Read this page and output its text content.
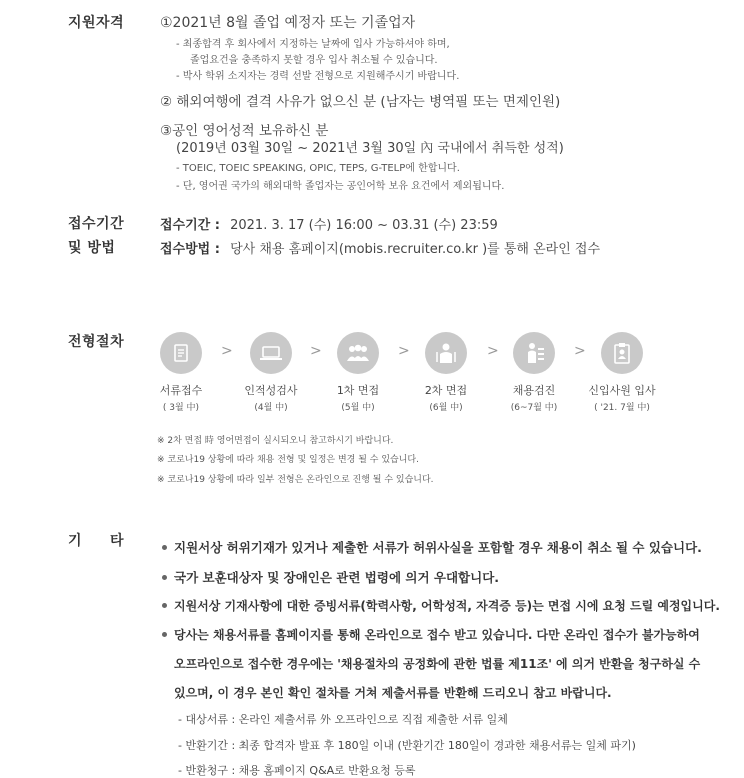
지원자격	①2021년 8월 졸업 예정자 또는 기졸업자
- 최종합격 후 회사에서 지정하는 날짜에 입사 가능하셔야 하며,
졸업요건을 충족하지 못할 경우 입사 취소될 수 있습니다.
- 박사 학위 소지자는 경력 선발 전형으로 지원해주시기 바랍니다.
② 해외여행에 결격 사유가 없으신 분 (남자는 병역필 또는 면제인원)
③공인 영어성적 보유하신 분
(2019년 03월 30일 ~ 2021년 3월 30일 內 국내에서 취득한 성적)
- TOEIC, TOEIC SPEAKING, OPIC, TEPS, G-TELP에 한합니다.
- 단, 영어권 국가의 해외대학 졸업자는 공인어학 보유 요건에서 제외됩니다.
접수기간
및 방법
접수기간 : 2021. 3. 17 (수) 16:00 ~ 03.31 (수) 23:59
접수방법 : 당사 채용 홈페이지(mobis.recruiter.co.kr )를 통해 온라인 접수
전형절차
서류접수
( 3월 中)
>
인적성검사
(4월 中)
>
1차 면접
(5월 中)
>
2차 면접
(6월 中)
>
채용검진
(6~7월 中)
>
신입사원 입사
( '21. 7월 中)
※ 2차 면접 時 영어면접이 실시되오니 참고하시기 바랍니다.
※ 코로나19 상황에 따라 채용 전형 및 일정은 변경 될 수 있습니다.
※ 코로나19 상황에 따라 일부 전형은 온라인으로 진행 될 수 있습니다.
기 타	지원서상 허위기재가 있거나 제출한 서류가 허위사실을 포함할 경우 채용이 취소 될 수 있습니다.
국가 보훈대상자 및 장애인은 관련 법령에 의거 우대합니다.
지원서상 기재사항에 대한 증빙서류(학력사항, 어학성적, 자격증 등)는 면접 시에 요청 드릴 예정입니다.
당사는 채용서류를 홈페이지를 통해 온라인으로 접수 받고 있습니다. 다만 온라인 접수가 불가능하여
오프라인으로 접수한 경우에는 '채용절차의 공정화에 관한 법률 제11조' 에 의거 반환을 청구하실 수
있으며, 이 경우 본인 확인 절차를 거쳐 제출서류를 반환해 드리오니 참고 바랍니다.
- 대상서류 : 온라인 제출서류 外 오프라인으로 직접 제출한 서류 일체
- 반환기간 : 최종 합격자 발표 후 180일 이내 (반환기간 180일이 경과한 채용서류는 일체 파기)
- 반환청구 : 채용 홈페이지 Q&A로 반환요청 등록
